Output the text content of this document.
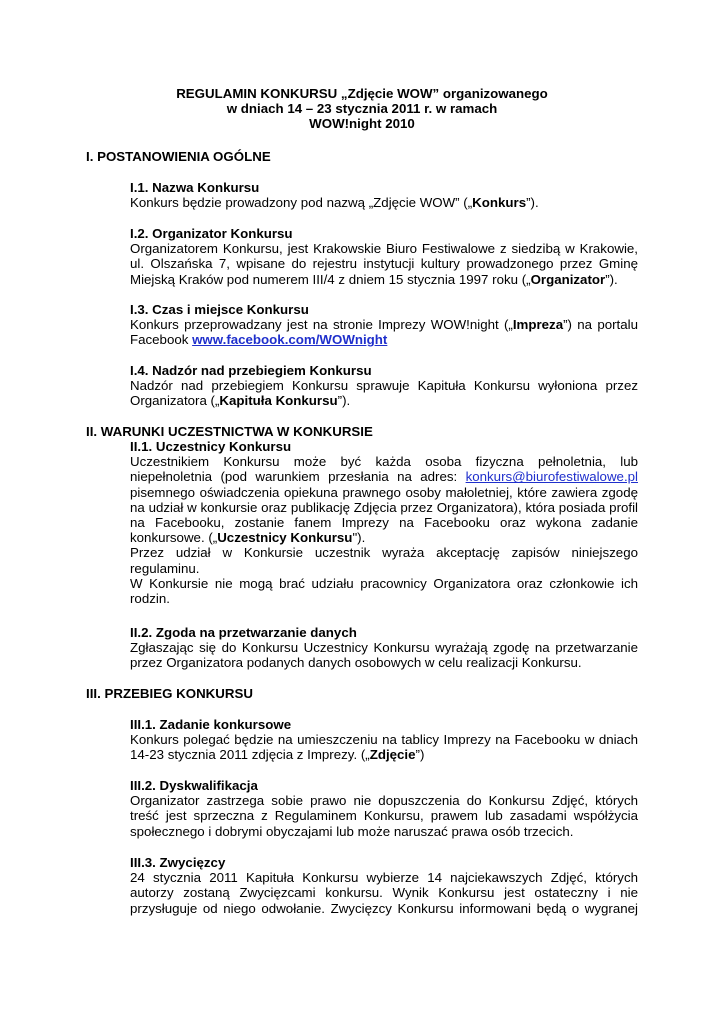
REGULAMIN KONKURSU „Zdjęcie WOW” organizowanego
w dniach 14 – 23 stycznia 2011 r. w ramach
WOW!night 2010
I. POSTANOWIENIA OGÓLNE
I.1. Nazwa Konkursu
Konkurs będzie prowadzony pod nazwą „Zdjęcie WOW” („Konkurs”).
I.2. Organizator Konkursu
Organizatorem Konkursu, jest Krakowskie Biuro Festiwalowe z siedzibą w Krakowie, ul. Olszańska 7, wpisane do rejestru instytucji kultury prowadzonego przez Gminę Miejską Kraków pod numerem III/4 z dniem 15 stycznia 1997 roku („Organizator”).
I.3. Czas i miejsce Konkursu
Konkurs przeprowadzany jest na stronie Imprezy WOW!night („Impreza”) na portalu Facebook www.facebook.com/WOWnight
I.4. Nadzór nad przebiegiem Konkursu
Nadzór nad przebiegiem Konkursu sprawuje Kapituła Konkursu wyłoniona przez Organizatora („Kapituła Konkursu”).
II. WARUNKI UCZESTNICTWA W KONKURSIE
II.1. Uczestnicy Konkursu
Uczestnikiem Konkursu może być każda osoba fizyczna pełnoletnia, lub niepełnoletnia (pod warunkiem przesłania na adres: konkurs@biurofestiwalowe.pl pisemnego oświadczenia opiekuna prawnego osoby małoletniej, które zawiera zgodę na udział w konkursie oraz publikację Zdjęcia przez Organizatora), która posiada profil na Facebooku, zostanie fanem Imprezy na Facebooku oraz wykona zadanie konkursowe. („Uczestnicy Konkursu").
Przez udział w Konkursie uczestnik wyraża akceptację zapisów niniejszego regulaminu.
W Konkursie nie mogą brać udziału pracownicy Organizatora oraz członkowie ich rodzin.
II.2. Zgoda na przetwarzanie danych
Zgłaszając się do Konkursu Uczestnicy Konkursu wyrażają zgodę na przetwarzanie przez Organizatora podanych danych osobowych w celu realizacji Konkursu.
III. PRZEBIEG KONKURSU
III.1. Zadanie konkursowe
Konkurs polegać będzie na umieszczeniu na tablicy Imprezy na Facebooku w dniach 14-23 stycznia 2011 zdjęcia z Imprezy. („Zdjęcie”)
III.2. Dyskwalifikacja
Organizator zastrzega sobie prawo nie dopuszczenia do Konkursu Zdjęć, których treść jest sprzeczna z Regulaminem Konkursu, prawem lub zasadami współżycia społecznego i dobrymi obyczajami lub może naruszać prawa osób trzecich.
III.3. Zwycięzcy
24 stycznia 2011 Kapituła Konkursu wybierze 14 najciekawszych Zdjęć, których autorzy zostaną Zwycięzcami konkursu. Wynik Konkursu jest ostateczny i nie przysługuje od niego odwołanie. Zwycięzcy Konkursu informowani będą o wygranej
